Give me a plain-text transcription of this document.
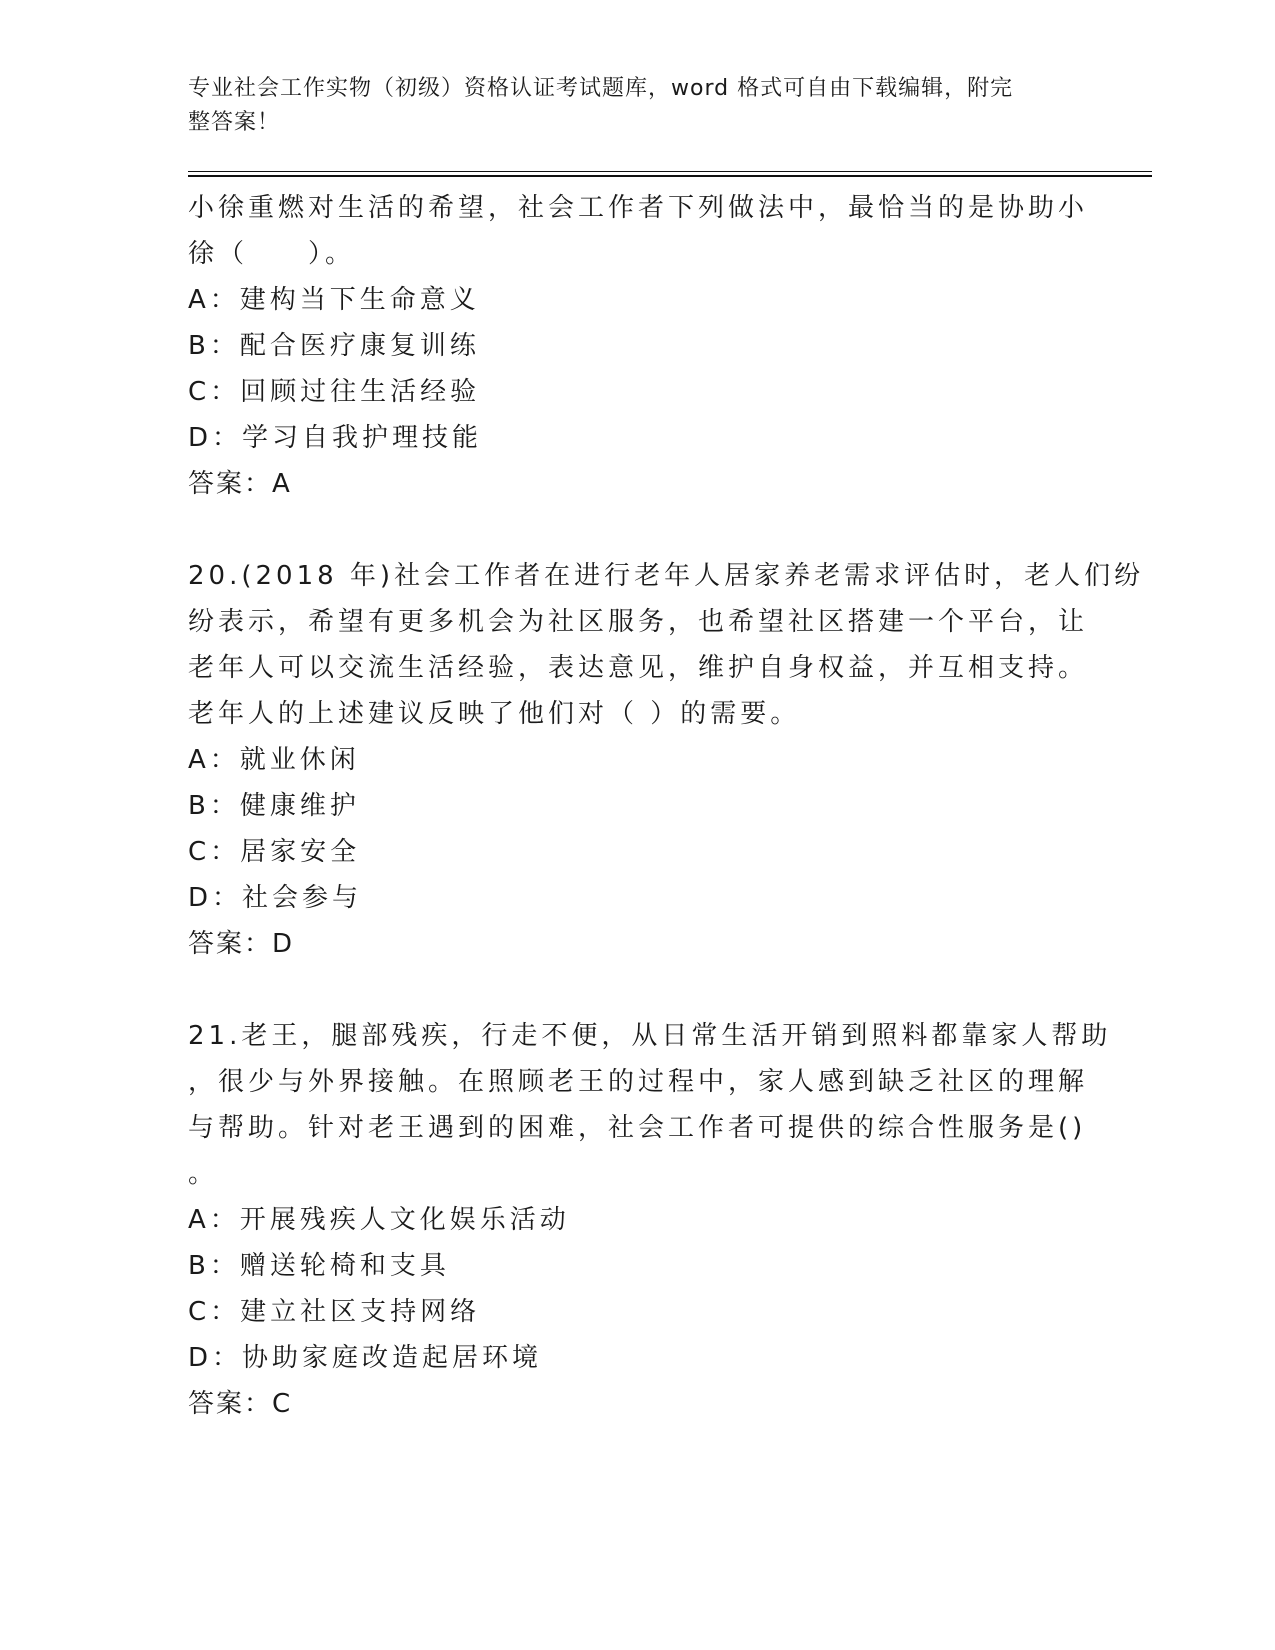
专业社会工作实物（初级）资格认证考试题库，word 格式可自由下载编辑，附完
整答案！
小徐重燃对生活的希望，社会工作者下列做法中，最恰当的是协助小
徐（　　）。
A：建构当下生命意义
B：配合医疗康复训练
C：回顾过往生活经验
D：学习自我护理技能
答案：A
20.(2018 年)社会工作者在进行老年人居家养老需求评估时，老人们纷
纷表示，希望有更多机会为社区服务，也希望社区搭建一个平台，让
老年人可以交流生活经验，表达意见，维护自身权益，并互相支持。
老年人的上述建议反映了他们对（ ）的需要。
A：就业休闲
B：健康维护
C：居家安全
D：社会参与
答案：D
21.老王，腿部残疾，行走不便，从日常生活开销到照料都靠家人帮助
，很少与外界接触。在照顾老王的过程中，家人感到缺乏社区的理解
与帮助。针对老王遇到的困难，社会工作者可提供的综合性服务是()
。
A：开展残疾人文化娱乐活动
B：赠送轮椅和支具
C：建立社区支持网络
D：协助家庭改造起居环境
答案：C
